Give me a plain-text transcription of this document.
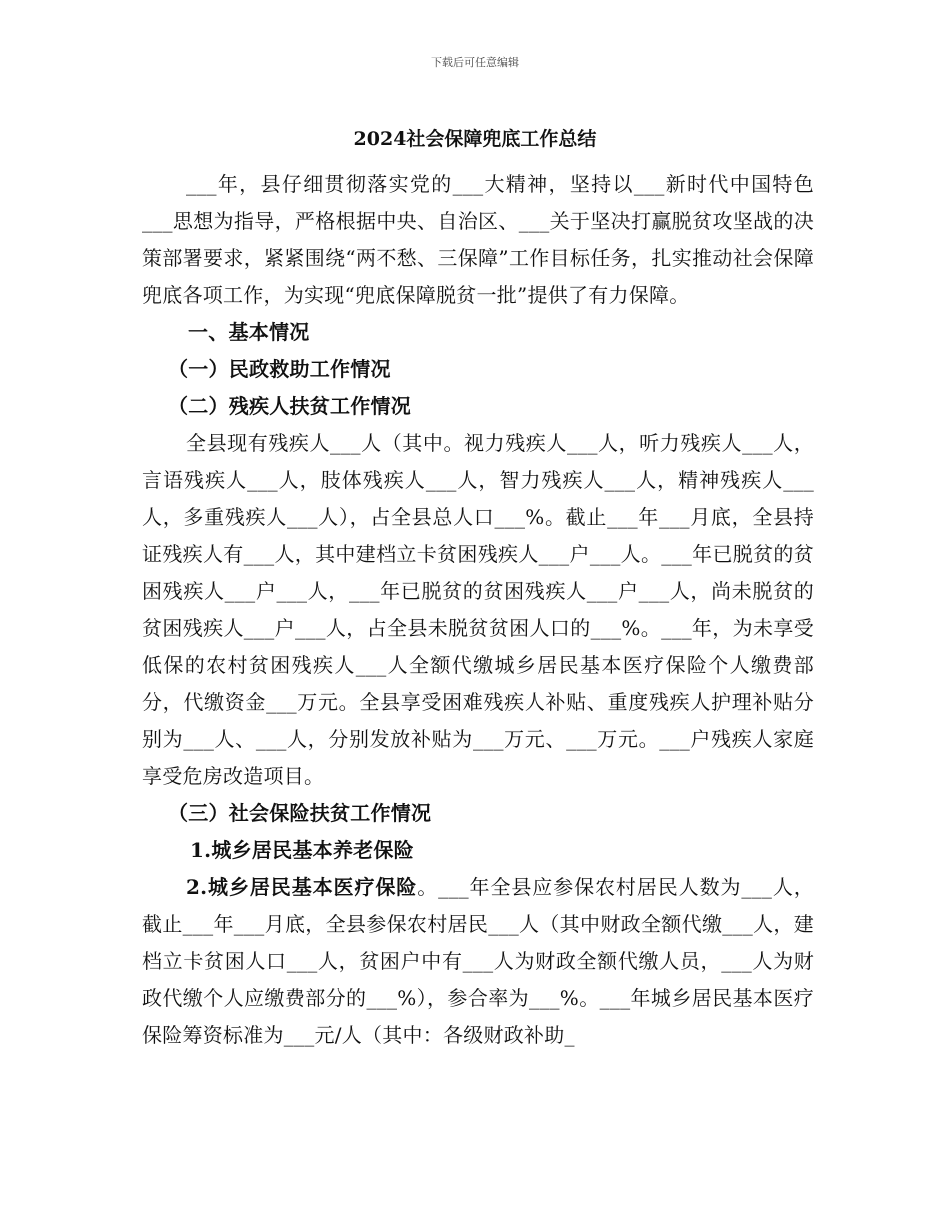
下载后可任意编辑
2024社会保障兜底工作总结

___年，县仔细贯彻落实党的___大精神，坚持以___新时代中国特色___思想为指导，严格根据中央、自治区、___关于坚决打赢脱贫攻坚战的决策部署要求，紧紧围绕“两不愁、三保障”工作目标任务，扎实推动社会保障兜底各项工作，为实现“兜底保障脱贫一批”提供了有力保障。

一、基本情况

（一）民政救助工作情况

（二）残疾人扶贫工作情况

全县现有残疾人___人（其中。视力残疾人___人，听力残疾人___人，言语残疾人___人，肢体残疾人___人，智力残疾人___人，精神残疾人___人，多重残疾人___人），占全县总人口___%。截止___年___月底，全县持证残疾人有___人，其中建档立卡贫困残疾人___户___人。___年已脱贫的贫困残疾人___户___人，___年已脱贫的贫困残疾人___户___人，尚未脱贫的贫困残疾人___户___人，占全县未脱贫贫困人口的___%。___年，为未享受低保的农村贫困残疾人___人全额代缴城乡居民基本医疗保险个人缴费部分，代缴资金___万元。全县享受困难残疾人补贴、重度残疾人护理补贴分别为___人、___人，分别发放补贴为___万元、___万元。___户残疾人家庭享受危房改造项目。

（三）社会保险扶贫工作情况

1.城乡居民基本养老保险

2.城乡居民基本医疗保险。___年全县应参保农村居民人数为___人，截止___年___月底，全县参保农村居民___人（其中财政全额代缴___人，建档立卡贫困人口___人，贫困户中有___人为财政全额代缴人员，___人为财政代缴个人应缴费部分的___%），参合率为___%。___年城乡居民基本医疗保险筹资标准为___元/人（其中：各级财政补助_
